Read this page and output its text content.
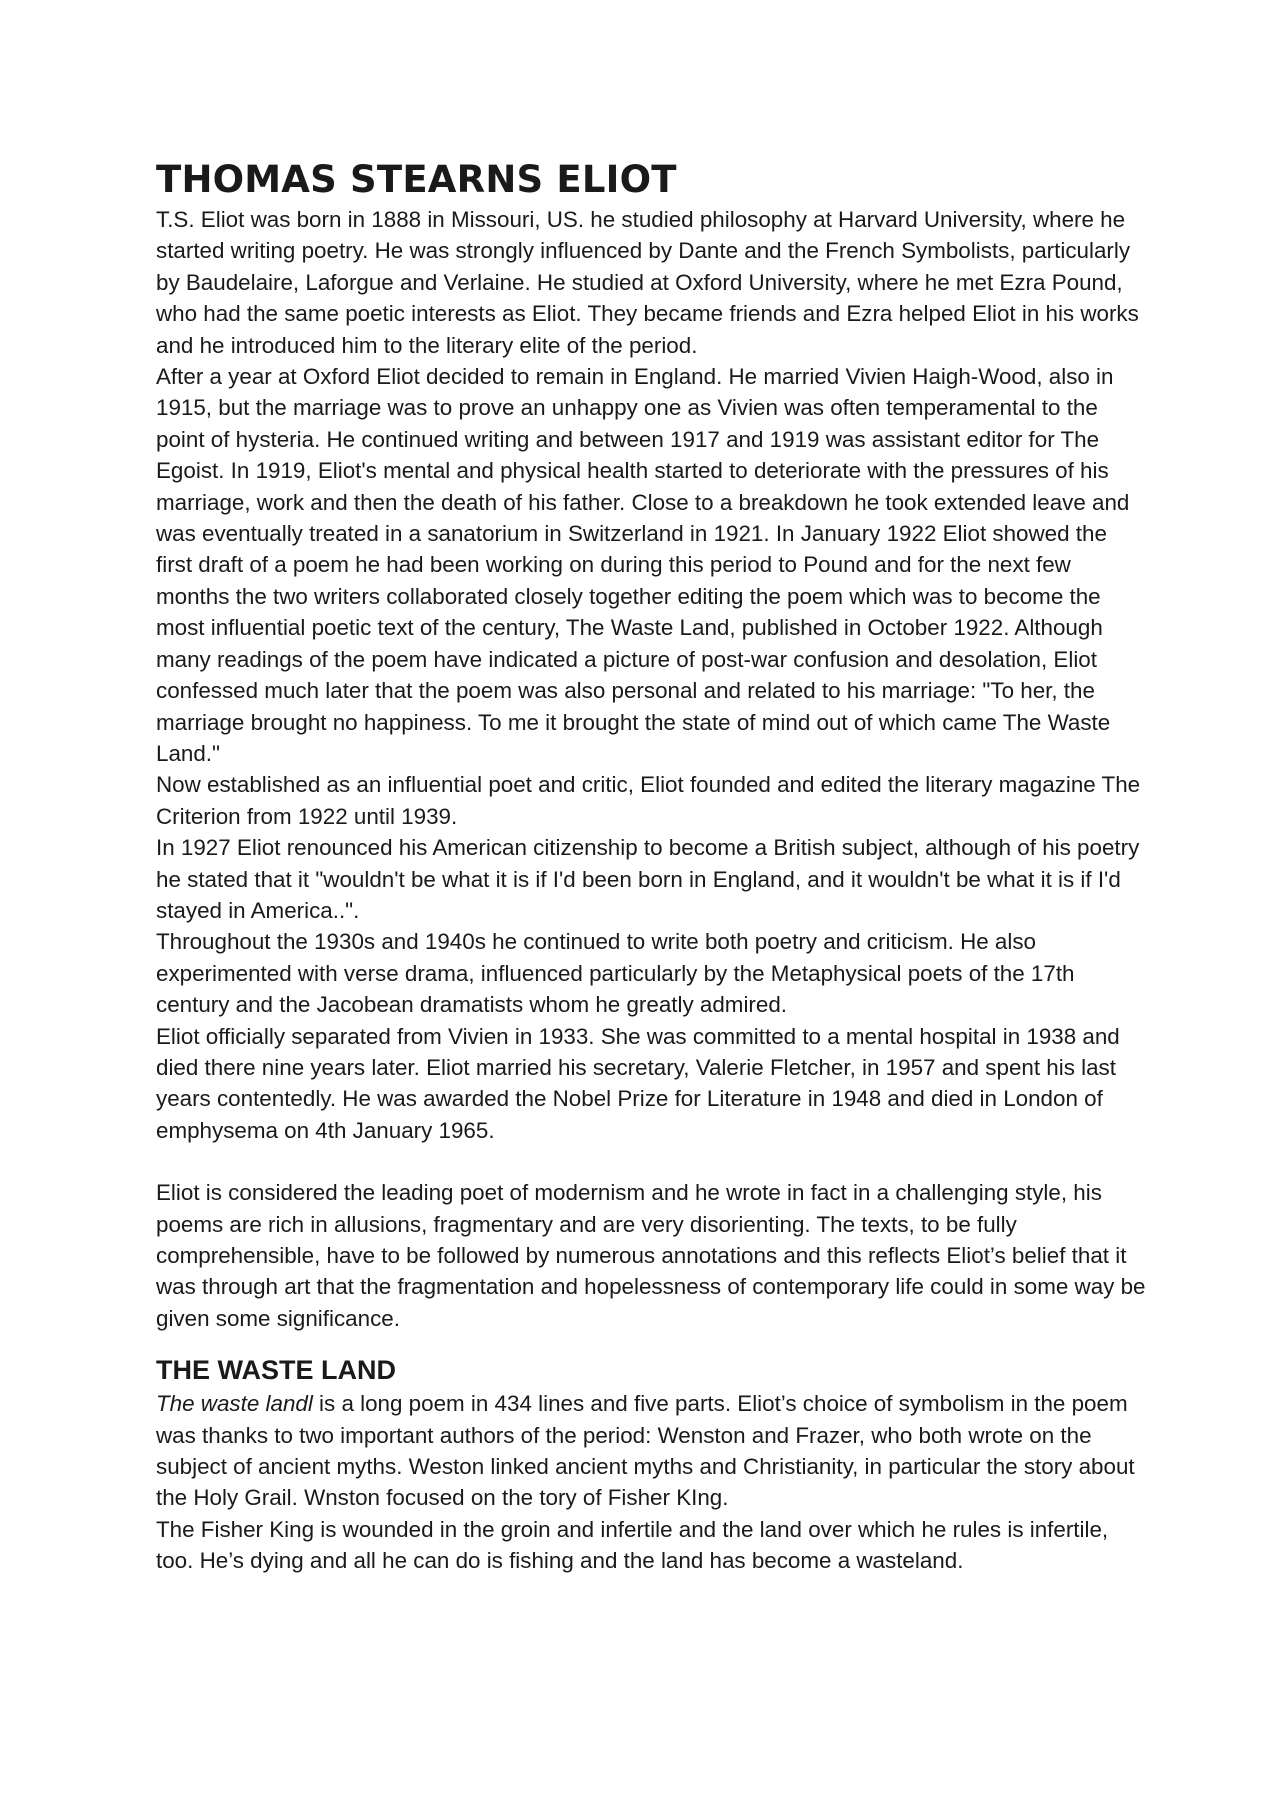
THOMAS STEARNS ELIOT

T.S. Eliot was born in 1888 in Missouri, US. he studied philosophy at Harvard University, where he started writing poetry. He was strongly influenced by Dante and the French Symbolists, particularly by Baudelaire, Laforgue and Verlaine. He studied at Oxford University, where he met Ezra Pound, who had the same poetic interests as Eliot. They became friends and Ezra helped Eliot in his works and he introduced him to the literary elite of the period.

After a year at Oxford Eliot decided to remain in England. He married Vivien Haigh-Wood, also in 1915, but the marriage was to prove an unhappy one as Vivien was often temperamental to the point of hysteria. He continued writing and between 1917 and 1919 was assistant editor for The Egoist. In 1919, Eliot's mental and physical health started to deteriorate with the pressures of his marriage, work and then the death of his father. Close to a breakdown he took extended leave and was eventually treated in a sanatorium in Switzerland in 1921. In January 1922 Eliot showed the first draft of a poem he had been working on during this period to Pound and for the next few months the two writers collaborated closely together editing the poem which was to become the most influential poetic text of the century, The Waste Land, published in October 1922. Although many readings of the poem have indicated a picture of post-war confusion and desolation, Eliot confessed much later that the poem was also personal and related to his marriage: "To her, the marriage brought no happiness. To me it brought the state of mind out of which came The Waste Land."

Now established as an influential poet and critic, Eliot founded and edited the literary magazine The Criterion from 1922 until 1939.

In 1927 Eliot renounced his American citizenship to become a British subject, although of his poetry he stated that it "wouldn't be what it is if I'd been born in England, and it wouldn't be what it is if I'd stayed in America..".

Throughout the 1930s and 1940s he continued to write both poetry and criticism. He also experimented with verse drama, influenced particularly by the Metaphysical poets of the 17th century and the Jacobean dramatists whom he greatly admired.

Eliot officially separated from Vivien in 1933. She was committed to a mental hospital in 1938 and died there nine years later. Eliot married his secretary, Valerie Fletcher, in 1957 and spent his last years contentedly. He was awarded the Nobel Prize for Literature in 1948 and died in London of emphysema on 4th January 1965.

Eliot is considered the leading poet of modernism and he wrote in fact in a challenging style, his poems are rich in allusions, fragmentary and are very disorienting. The texts, to be fully comprehensible, have to be followed by numerous annotations and this reflects Eliot’s belief that it was through art that the fragmentation and hopelessness of contemporary life could in some way be given some significance.

THE WASTE LAND

The waste landl is a long poem in 434 lines and five parts. Eliot’s choice of symbolism in the poem was thanks to two important authors of the period: Wenston and Frazer, who both wrote on the subject of ancient myths. Weston linked ancient myths and Christianity, in particular the story about the Holy Grail. Wnston focused on the tory of Fisher KIng.

The Fisher King is wounded in the groin and infertile and the land over which he rules is infertile, too. He’s dying and all he can do is fishing and the land has become a wasteland.
